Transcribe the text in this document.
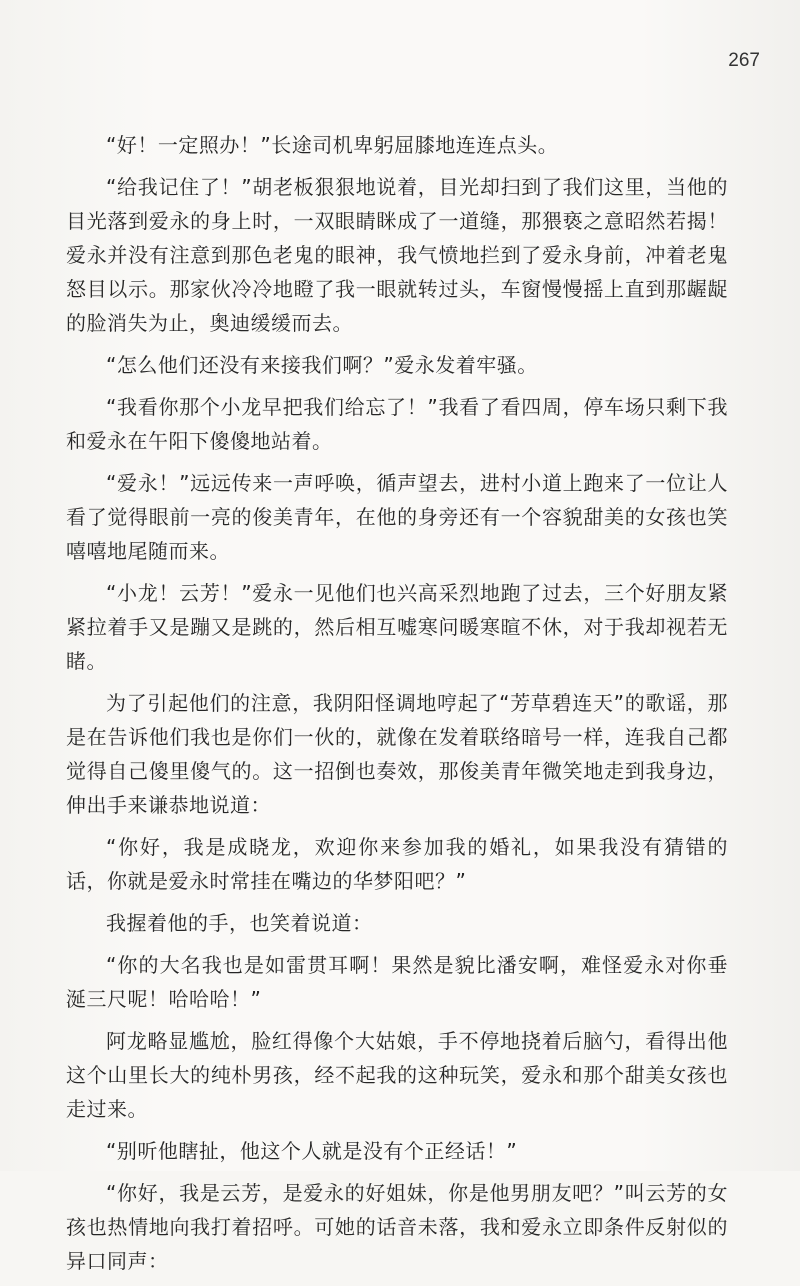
267

“好！一定照办！”长途司机卑躬屈膝地连连点头。

“给我记住了！”胡老板狠狠地说着，目光却扫到了我们这里，当他的目光落到爱永的身上时，一双眼睛眯成了一道缝，那猥亵之意昭然若揭！爱永并没有注意到那色老鬼的眼神，我气愤地拦到了爱永身前，冲着老鬼怒目以示。那家伙冷冷地瞪了我一眼就转过头，车窗慢慢摇上直到那龌龊的脸消失为止，奥迪缓缓而去。

“怎么他们还没有来接我们啊？”爱永发着牢骚。

“我看你那个小龙早把我们给忘了！”我看了看四周，停车场只剩下我和爱永在午阳下傻傻地站着。

“爱永！”远远传来一声呼唤，循声望去，进村小道上跑来了一位让人看了觉得眼前一亮的俊美青年，在他的身旁还有一个容貌甜美的女孩也笑嘻嘻地尾随而来。

“小龙！云芳！”爱永一见他们也兴高采烈地跑了过去，三个好朋友紧紧拉着手又是蹦又是跳的，然后相互嘘寒问暖寒暄不休，对于我却视若无睹。

为了引起他们的注意，我阴阳怪调地哼起了“芳草碧连天”的歌谣，那是在告诉他们我也是你们一伙的，就像在发着联络暗号一样，连我自己都觉得自己傻里傻气的。这一招倒也奏效，那俊美青年微笑地走到我身边，伸出手来谦恭地说道：

“你好，我是成晓龙，欢迎你来参加我的婚礼，如果我没有猜错的话，你就是爱永时常挂在嘴边的华梦阳吧？”

我握着他的手，也笑着说道：

“你的大名我也是如雷贯耳啊！果然是貌比潘安啊，难怪爱永对你垂涎三尺呢！哈哈哈！”

阿龙略显尴尬，脸红得像个大姑娘，手不停地挠着后脑勺，看得出他这个山里长大的纯朴男孩，经不起我的这种玩笑，爱永和那个甜美女孩也走过来。

“别听他瞎扯，他这个人就是没有个正经话！”

“你好，我是云芳，是爱永的好姐妹，你是他男朋友吧？”叫云芳的女孩也热情地向我打着招呼。可她的话音未落，我和爱永立即条件反射似的异口同声：
